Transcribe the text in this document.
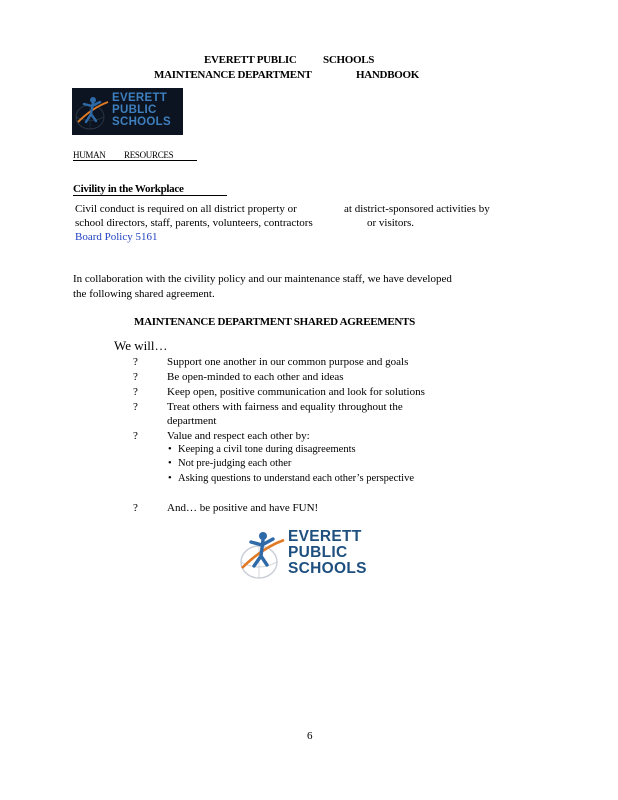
EVERETT PUBLIC SCHOOLS
MAINTENANCE DEPARTMENT	HANDBOOK
EVERETT
PUBLIC
SCHOOLS
HUMAN RESOURCES
Civility in the Workplace
Civil conduct is required on all district property or	at district-sponsored activities by
school directors, staff, parents, volunteers, contractors	or visitors.
Board Policy 5161
In collaboration with the civility policy and our maintenance staff, we have developed
the following shared agreement.
MAINTENANCE DEPARTMENT SHARED AGREEMENTS
We will…
?	Support one another in our common purpose and goals
?	Be open-minded to each other and ideas
?	Keep open, positive communication and look for solutions
?	Treat others with fairness and equality throughout the
department
?	Value and respect each other by:
• Keeping a civil tone during disagreements
• Not pre-judging each other
• Asking questions to understand each other’s perspective
?	And… be positive and have FUN!
EVERETT
PUBLIC
SCHOOLS
6
